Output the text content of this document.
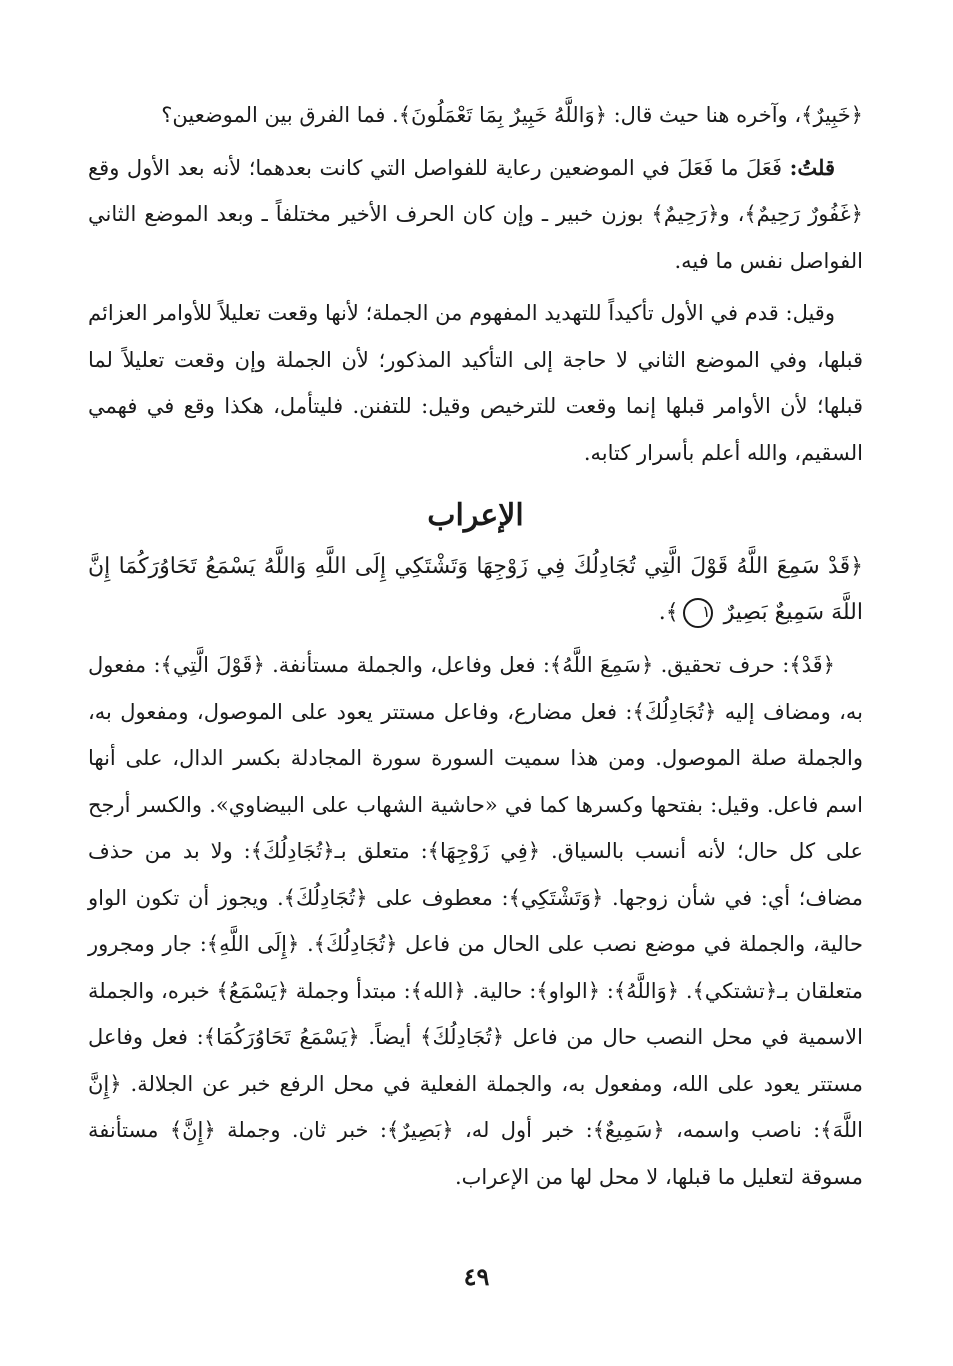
﴿خَبِيرٌ﴾، وآخره هنا حيث قال: ﴿وَاللَّهُ خَبِيرٌ بِمَا تَعْمَلُونَ﴾. فما الفرق بين الموضعين؟

قلتُ: فَعَلَ ما فَعَلَ في الموضعين رعاية للفواصل التي كانت بعدهما؛ لأنه بعد الأول وقع ﴿غَفُورٌ رَحِيمٌ﴾، و﴿رَحِيمٌ﴾ بوزن خبير ـ وإن كان الحرف الأخير مختلفاً ـ وبعد الموضع الثاني الفواصل نفس ما فيه.

وقيل: قدم في الأول تأكيداً للتهديد المفهوم من الجملة؛ لأنها وقعت تعليلاً للأوامر العزائم قبلها، وفي الموضع الثاني لا حاجة إلى التأكيد المذكور؛ لأن الجملة وإن وقعت تعليلاً لما قبلها؛ لأن الأوامر قبلها إنما وقعت للترخيص وقيل: للتفنن. فليتأمل، هكذا وقع في فهمي السقيم، والله أعلم بأسرار كتابه.

الإعراب

﴿قَدْ سَمِعَ اللَّهُ قَوْلَ الَّتِي تُجَادِلُكَ فِي زَوْجِهَا وَتَشْتَكِي إِلَى اللَّهِ وَاللَّهُ يَسْمَعُ تَحَاوُرَكُمَا إِنَّ اللَّهَ سَمِيعٌ بَصِيرٌ ١﴾.

﴿قَدْ﴾: حرف تحقيق. ﴿سَمِعَ اللَّهُ﴾: فعل وفاعل، والجملة مستأنفة. ﴿قَوْلَ الَّتِي﴾: مفعول به، ومضاف إليه ﴿تُجَادِلُكَ﴾: فعل مضارع، وفاعل مستتر يعود على الموصول، ومفعول به، والجملة صلة الموصول. ومن هذا سميت السورة سورة المجادلة بكسر الدال، على أنها اسم فاعل. وقيل: بفتحها وكسرها كما في «حاشية الشهاب على البيضاوي». والكسر أرجح على كل حال؛ لأنه أنسب بالسياق. ﴿فِي زَوْجِهَا﴾: متعلق بـ﴿تُجَادِلُكَ﴾: ولا بد من حذف مضاف؛ أي: في شأن زوجها. ﴿وَتَشْتَكِي﴾: معطوف على ﴿تُجَادِلُكَ﴾. ويجوز أن تكون الواو حالية، والجملة في موضع نصب على الحال من فاعل ﴿تُجَادِلُكَ﴾. ﴿إِلَى اللَّهِ﴾: جار ومجرور متعلقان بـ﴿تشتكي﴾. ﴿وَاللَّهُ﴾: ﴿الواو﴾: حالية. ﴿الله﴾: مبتدأ وجملة ﴿يَسْمَعُ﴾ خبره، والجملة الاسمية في محل النصب حال من فاعل ﴿تُجَادِلُكَ﴾ أيضاً. ﴿يَسْمَعُ تَحَاوُرَكُمَا﴾: فعل وفاعل مستتر يعود على الله، ومفعول به، والجملة الفعلية في محل الرفع خبر عن الجلالة. ﴿إِنَّ اللَّهَ﴾: ناصب واسمه، ﴿سَمِيعٌ﴾: خبر أول له، ﴿بَصِيرٌ﴾: خبر ثان. وجملة ﴿إِنَّ﴾ مستأنفة مسوقة لتعليل ما قبلها، لا محل لها من الإعراب.

٤٩
